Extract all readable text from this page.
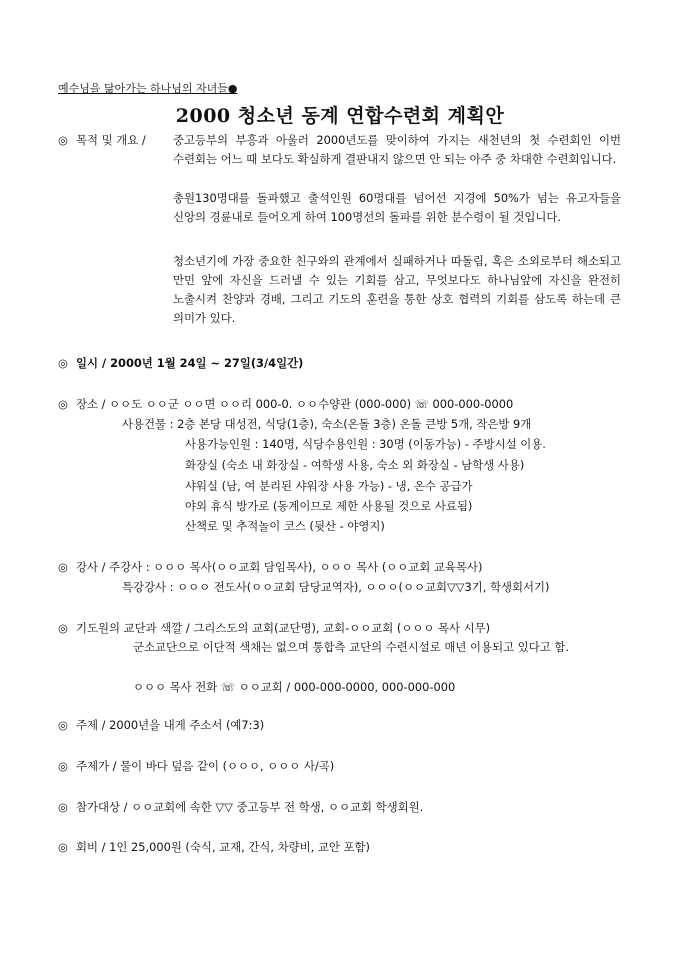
예수님을 닮아가는 하나님의 자녀들●
2000 청소년 동계 연합수련회 계획안
◎ 목적 및 개요 / 중고등부의 부흥과 아울러 2000년도를 맞이하여 가지는 새천년의 첫 수련회인 이번 수련회는 어느 때 보다도 확실하게 결판내지 않으면 안 되는 아주 중 차대한 수련회입니다.
총원130명대를 돌파했고 출석인원 60명대를 넘어선 지경에 50%가 넘는 유고자들을 신앙의 경륜내로 들어오게 하여 100명선의 돌파를 위한 분수령이 될 것입니다.
청소년기에 가장 중요한 친구와의 관계에서 실패하거나 따돌림, 혹은 소외로부터 해소되고 만민 앞에 자신을 드러낼 수 있는 기회를 삼고, 무엇보다도 하나님앞에 자신을 완전히 노출시켜 찬양과 경배, 그리고 기도의 훈련을 통한 상호 협력의 기회를 삼도록 하는데 큰 의미가 있다.
◎ 일시 / 2000년 1월 24일 ~ 27일(3/4일간)
◎ 장소 / ㅇㅇ도 ㅇㅇ군 ㅇㅇ면 ㅇㅇ리 000-0. ㅇㅇ수양관 (000-000) ☏ 000-000-0000
사용건물 : 2층 본당 대성전, 식당(1층), 숙소(온돌 3층) 온돌 큰방 5개, 작은방 9개
사용가능인원 : 140명, 식당수용인원 : 30명 (이동가능) - 주방시설 이용.
화장실 (숙소 내 화장실 - 여학생 사용, 숙소 외 화장실 - 남학생 사용)
샤워실 (남, 여 분리된 샤워장 사용 가능) - 냉, 온수 공급가
야외 휴식 방가로 (동계이므로 제한 사용될 것으로 사료됨)
산책로 및 추적놀이 코스 (뒷산 - 야영지)
◎ 강사 / 주강사 : ㅇㅇㅇ 목사(ㅇㅇ교회 담임목사), ㅇㅇㅇ 목사 (ㅇㅇ교회 교육목사)
특강강사 : ㅇㅇㅇ 전도사(ㅇㅇ교회 담당교역자), ㅇㅇㅇ(ㅇㅇ교회▽▽3기, 학생회서기)
◎ 기도원의 교단과 색깔 / 그리스도의 교회(교단명), 교회-ㅇㅇ교회 (ㅇㅇㅇ 목사 시무)
군소교단으로 이단적 색채는 없으며 통합측 교단의 수련시설로 매년 이용되고 있다고 함.
ㅇㅇㅇ 목사 전화 ☏ ㅇㅇ교회 / 000-000-0000, 000-000-000
◎ 주제 / 2000년을 내게 주소서 (예7:3)
◎ 주제가 / 물이 바다 덮음 같이 (ㅇㅇㅇ, ㅇㅇㅇ 사/곡)
◎ 참가대상 / ㅇㅇ교회에 속한 ▽▽ 중고등부 전 학생, ㅇㅇ교회 학생회원.
◎ 회비 / 1인 25,000원 (숙식, 교재, 간식, 차량비, 교안 포함)
